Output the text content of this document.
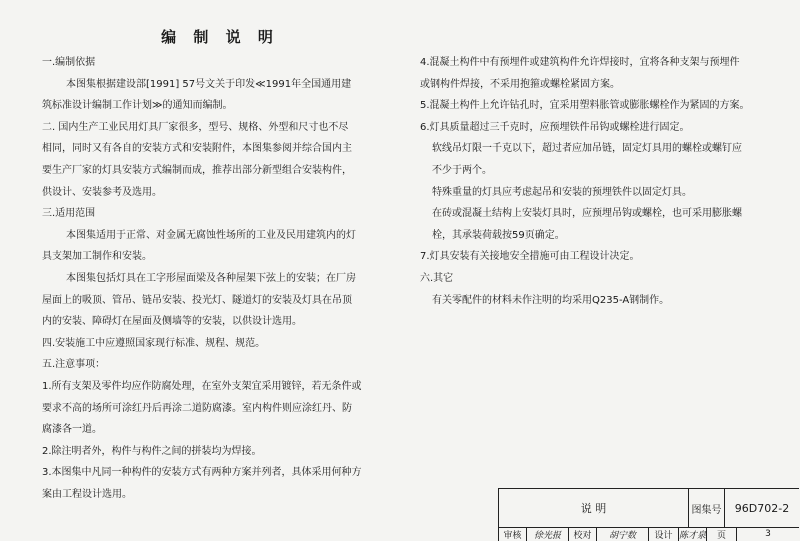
编 制 说 明
一.编制依据
本图集根据建设部[1991] 57号文关于印发≪1991年全国通用建
筑标准设计编制工作计划≫的通知而编制。
二. 国内生产工业民用灯具厂家很多，型号、规格、外型和尺寸也不尽
相同，同时又有各自的安装方式和安装附件，本图集参阅并综合国内主
要生产厂家的灯具安装方式编制而成，推荐出部分新型组合安装构件，
供设计、安装参考及选用。
三.适用范围
本图集适用于正常、对金属无腐蚀性场所的工业及民用建筑内的灯
具支架加工制作和安装。
本图集包括灯具在工字形屋面梁及各种屋架下弦上的安装；在厂房
屋面上的吸顶、管吊、链吊安装、投光灯、隧道灯的安装及灯具在吊顶
内的安装、障碍灯在屋面及侧墙等的安装，以供设计选用。
四.安装施工中应遵照国家现行标准、规程、规范。
五.注意事项：
1.所有支架及零件均应作防腐处理，在室外支架宜采用镀锌，若无条件或
要求不高的场所可涂红丹后再涂二道防腐漆。室内构件则应涂红丹、防
腐漆各一道。
2.除注明者外，构件与构件之间的拼装均为焊接。
3.本图集中凡同一种构件的安装方式有两种方案并列者，具体采用何种方
案由工程设计选用。
4.混凝土构件中有预埋件或建筑构件允许焊接时，宜将各种支架与预埋件
或钢构件焊接，不采用抱箍或螺栓紧固方案。
5.混凝土构件上允许钻孔时，宜采用塑料胀管或膨胀螺栓作为紧固的方案。
6.灯具质量超过三千克时，应预埋铁件吊钩或螺栓进行固定。
软线吊灯限一千克以下，超过者应加吊链，固定灯具用的螺栓或螺钉应
不少于两个。
特殊重量的灯具应考虑起吊和安装的预埋铁件以固定灯具。
在砖或混凝土结构上安装灯具时，应预埋吊钩或螺栓，也可采用膨胀螺
栓，其承装荷载按59页确定。
7.灯具安装有关接地安全措施可由工程设计决定。
六.其它
有关零配件的材料未作注明的均采用Q235-A钢制作。
说 明	图集号	96D702-2
审核	徐光报	校对	胡宁数	设计 陈才泉	页	3
